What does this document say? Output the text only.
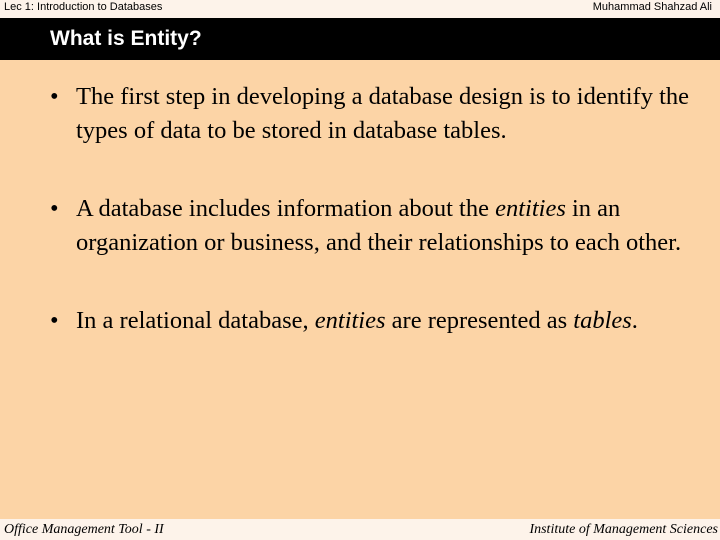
Lec 1: Introduction to Databases	Muhammad Shahzad Ali
What is Entity?
• The first step in developing a database design is to identify the types of data to be stored in database tables.
• A database includes information about the entities in an organization or business, and their relationships to each other.
• In a relational database, entities are represented as tables.
Office Management Tool - II	Institute of Management Sciences
